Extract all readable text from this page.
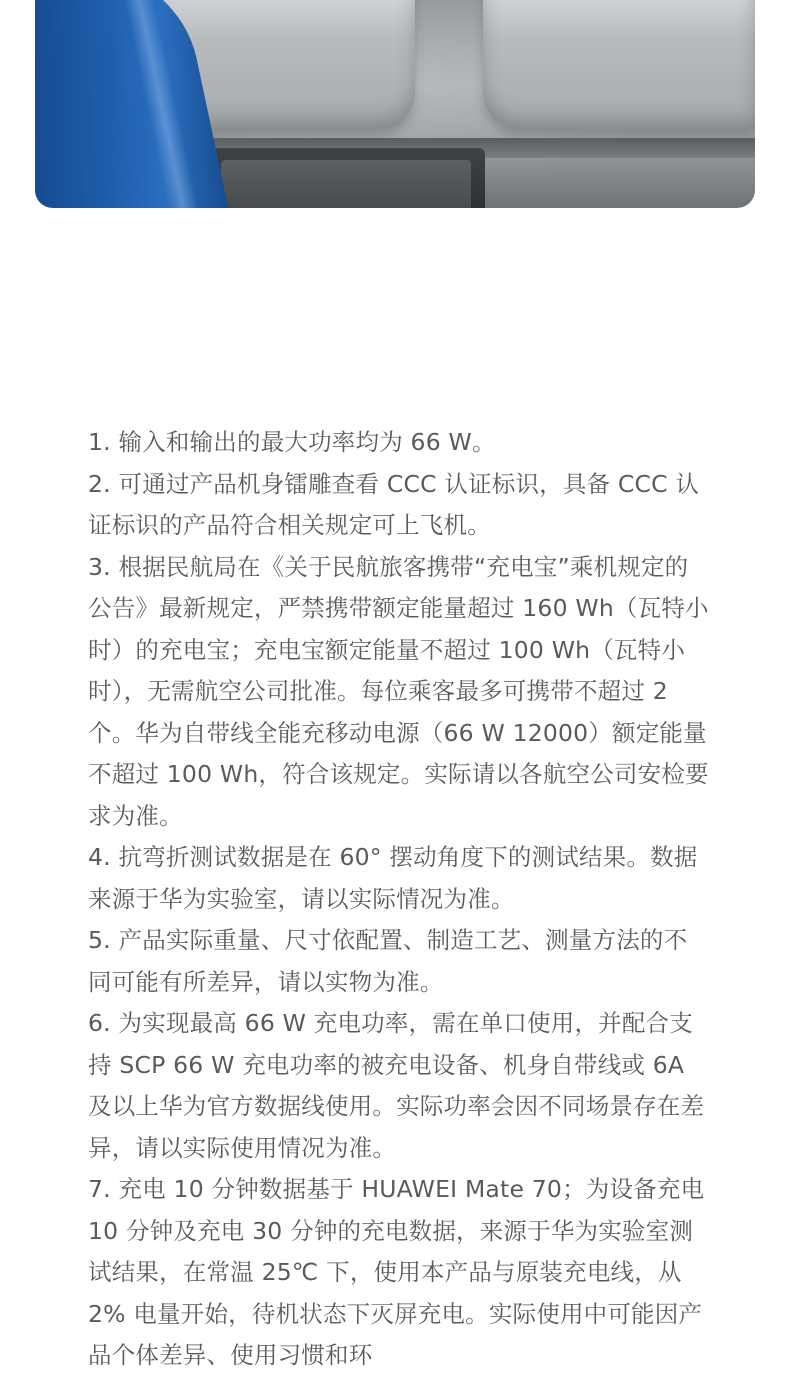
1. 输入和输出的最大功率均为 66 W。
2. 可通过产品机身镭雕查看 CCC 认证标识，具备 CCC 认证标识的产品符合相关规定可上飞机。
3. 根据民航局在《关于民航旅客携带“充电宝”乘机规定的公告》最新规定，严禁携带额定能量超过 160 Wh（瓦特小时）的充电宝；充电宝额定能量不超过 100 Wh（瓦特小时），无需航空公司批准。每位乘客最多可携带不超过 2 个。华为自带线全能充移动电源（66 W 12000）额定能量不超过 100 Wh，符合该规定。实际请以各航空公司安检要求为准。
4. 抗弯折测试数据是在 60° 摆动角度下的测试结果。数据来源于华为实验室，请以实际情况为准。
5. 产品实际重量、尺寸依配置、制造工艺、测量方法的不同可能有所差异，请以实物为准。
6. 为实现最高 66 W 充电功率，需在单口使用，并配合支持 SCP 66 W 充电功率的被充电设备、机身自带线或 6A 及以上华为官方数据线使用。实际功率会因不同场景存在差异，请以实际使用情况为准。
7. 充电 10 分钟数据基于 HUAWEI Mate 70；为设备充电 10 分钟及充电 30 分钟的充电数据，来源于华为实验室测试结果，在常温 25℃ 下，使用本产品与原装充电线，从 2% 电量开始，待机状态下灭屏充电。实际使用中可能因产品个体差异、使用习惯和环
